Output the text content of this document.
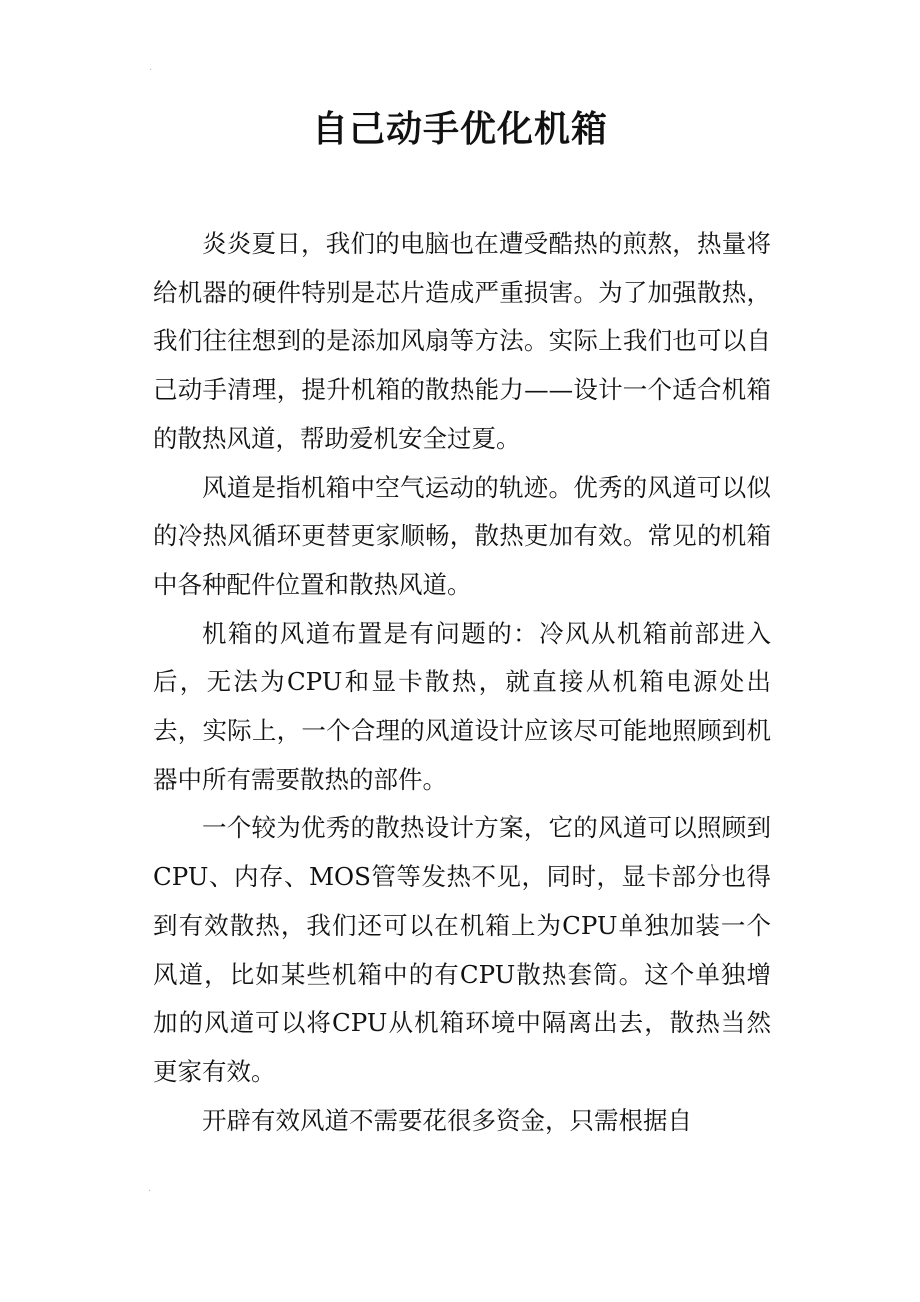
·
自己动手优化机箱

炎炎夏日，我们的电脑也在遭受酷热的煎熬，热量将给机器的硬件特别是芯片造成严重损害。为了加强散热，我们往往想到的是添加风扇等方法。实际上我们也可以自己动手清理，提升机箱的散热能力——设计一个适合机箱的散热风道，帮助爱机安全过夏。

风道是指机箱中空气运动的轨迹。优秀的风道可以似的冷热风循环更替更家顺畅，散热更加有效。常见的机箱中各种配件位置和散热风道。

机箱的风道布置是有问题的：冷风从机箱前部进入后，无法为CPU和显卡散热，就直接从机箱电源处出去，实际上，一个合理的风道设计应该尽可能地照顾到机器中所有需要散热的部件。

一个较为优秀的散热设计方案，它的风道可以照顾到CPU、内存、MOS管等发热不见，同时，显卡部分也得到有效散热，我们还可以在机箱上为CPU单独加装一个风道，比如某些机箱中的有CPU散热套筒。这个单独增加的风道可以将CPU从机箱环境中隔离出去，散热当然更家有效。

开辟有效风道不需要花很多资金，只需根据自

·
